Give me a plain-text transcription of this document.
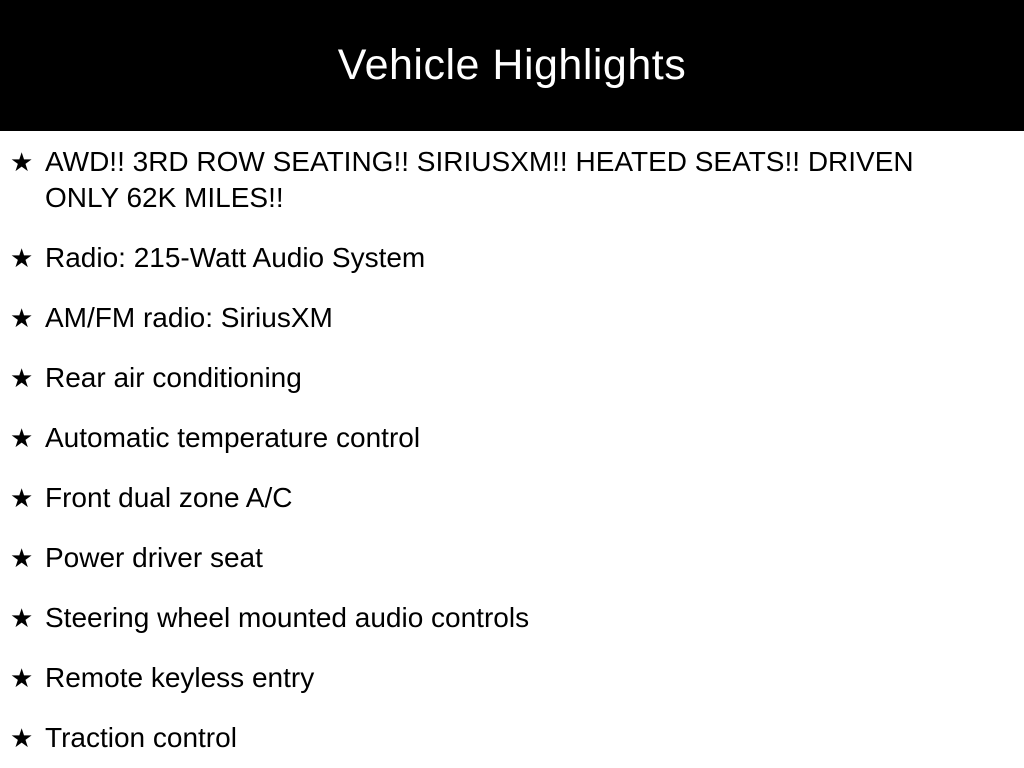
Vehicle Highlights
★ AWD!! 3RD ROW SEATING!! SIRIUSXM!! HEATED SEATS!! DRIVEN ONLY 62K MILES!!
★ Radio: 215-Watt Audio System
★ AM/FM radio: SiriusXM
★ Rear air conditioning
★ Automatic temperature control
★ Front dual zone A/C
★ Power driver seat
★ Steering wheel mounted audio controls
★ Remote keyless entry
★ Traction control
